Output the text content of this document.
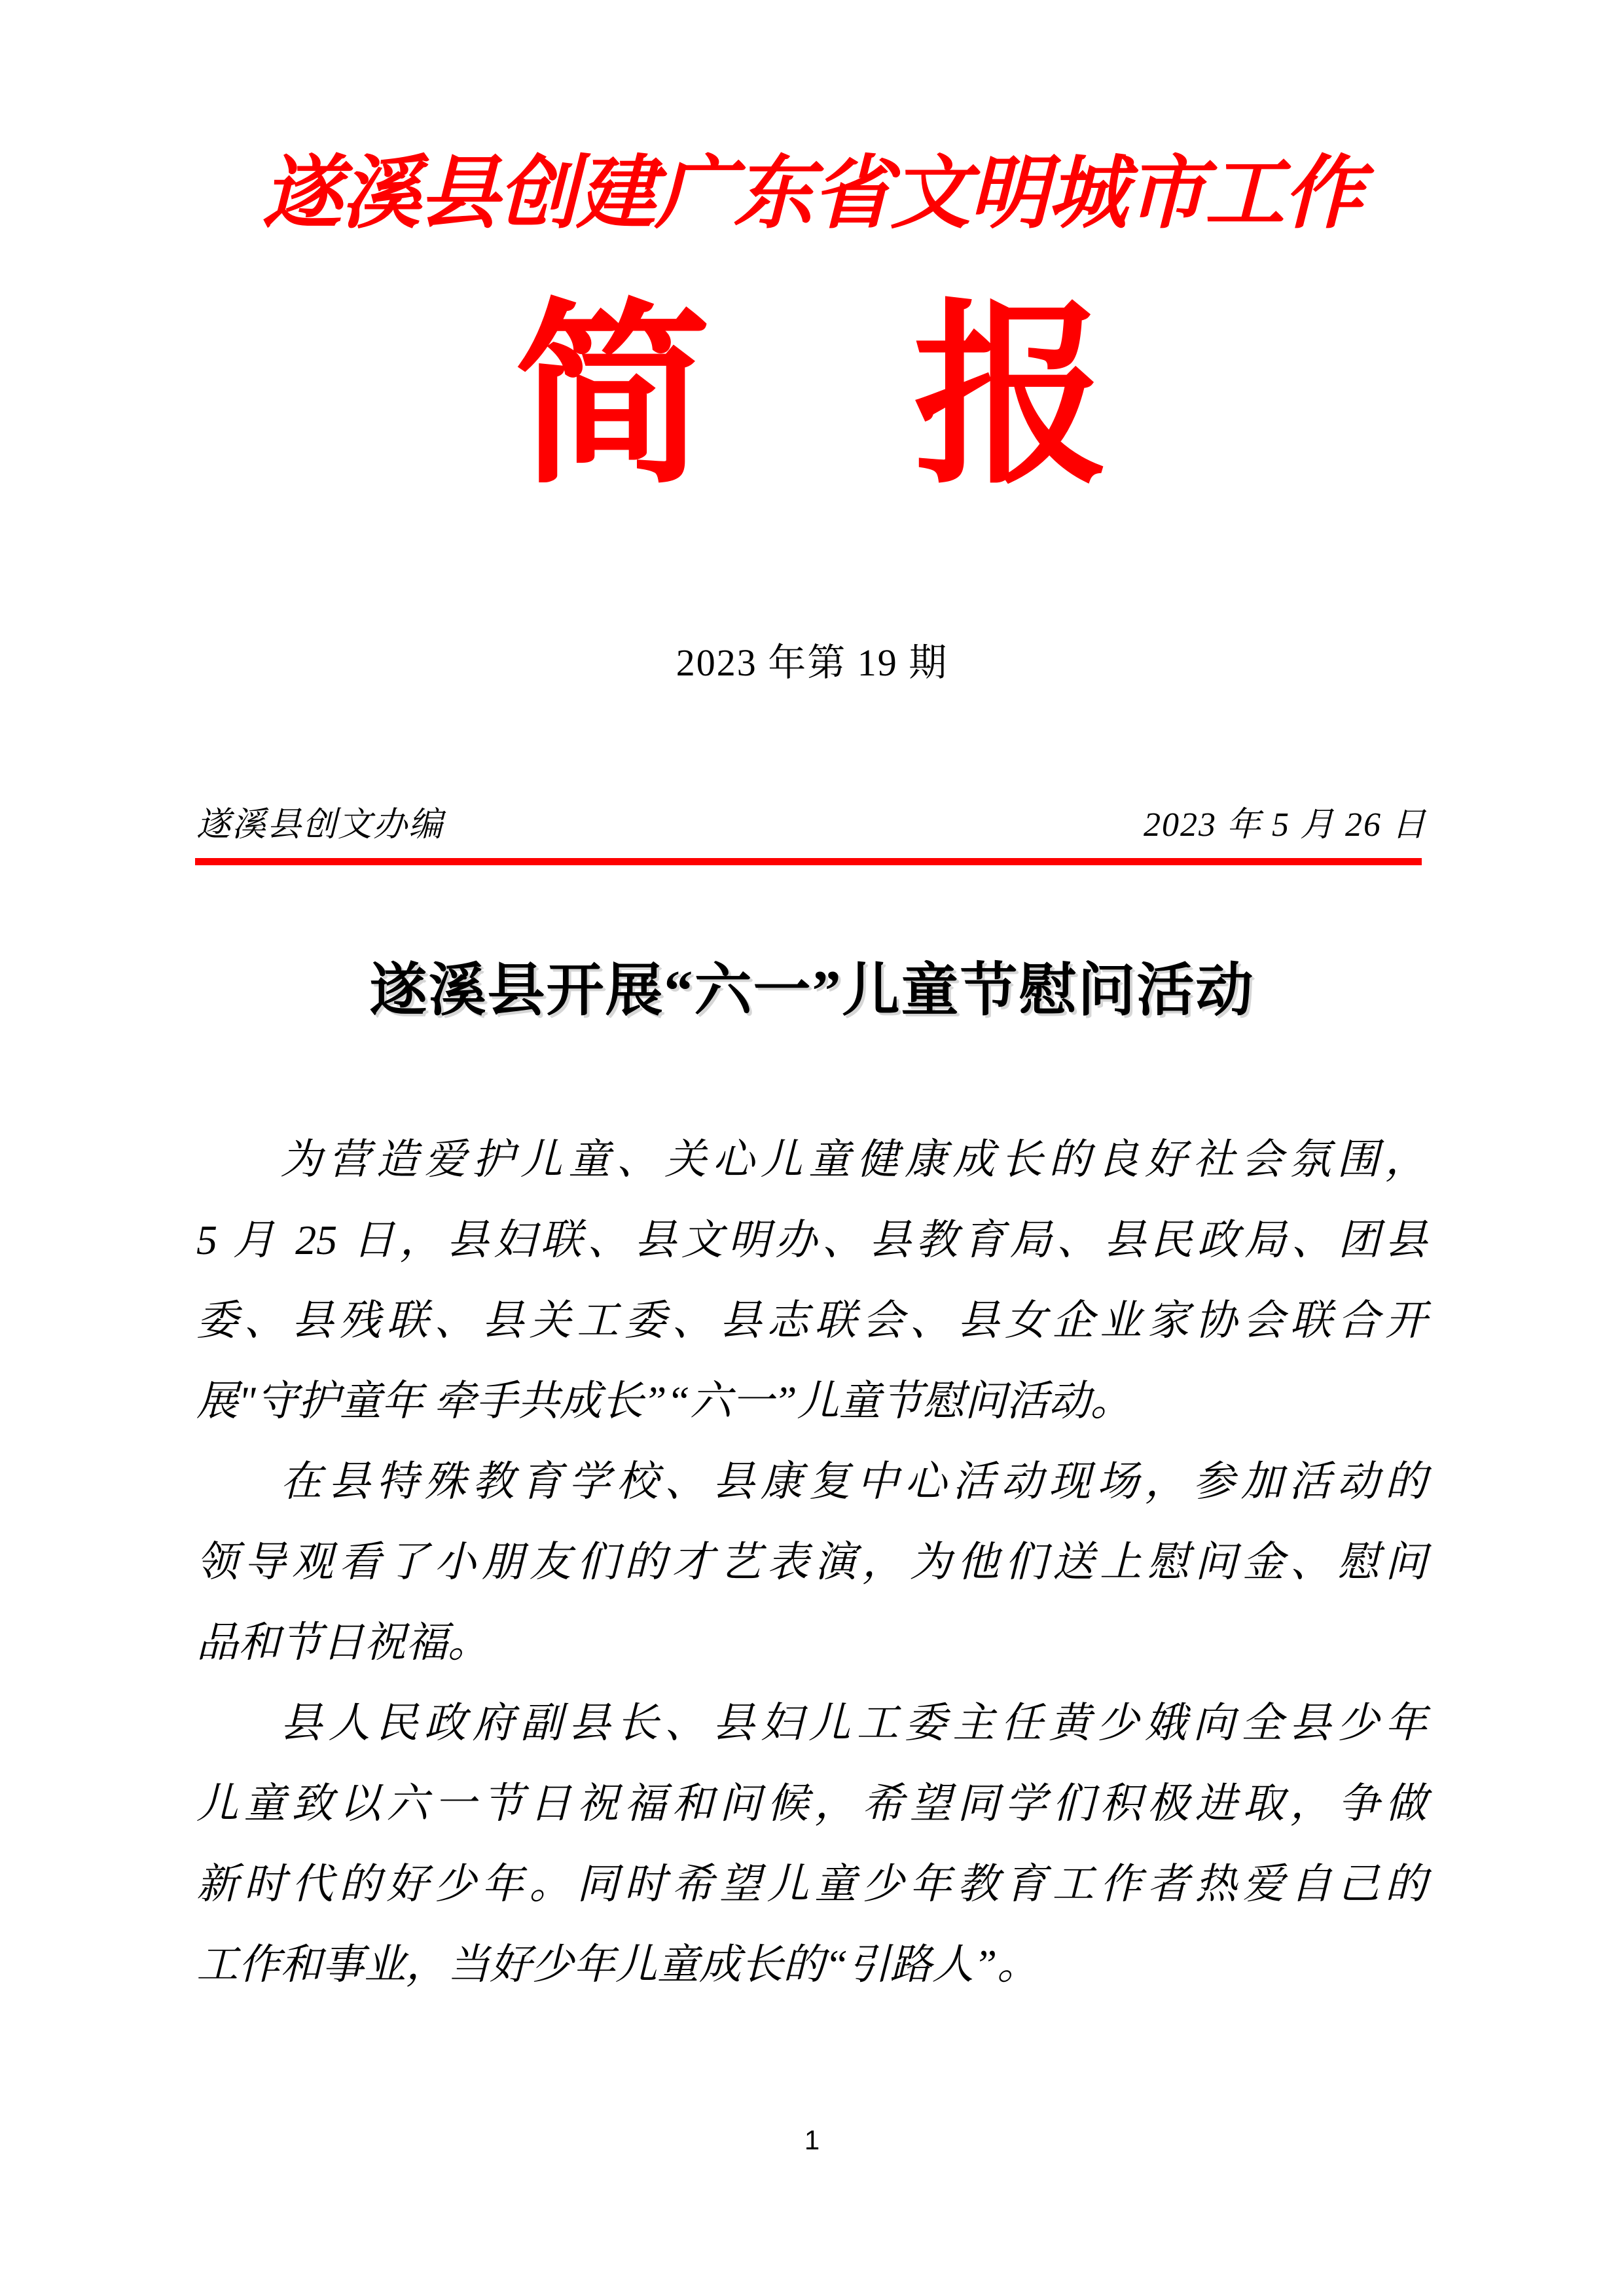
遂溪县创建广东省文明城市工作
简 报
2023 年第 19 期
遂溪县创文办编	2023 年 5 月 26 日
遂溪县开展“六一”儿童节慰问活动
为营造爱护儿童、关心儿童健康成长的良好社会氛围，
5 月 25 日，县妇联、县文明办、县教育局、县民政局、团县
委、县残联、县关工委、县志联会、县女企业家协会联合开
展"守护童年 牵手共成长”“六一”儿童节慰问活动。
在县特殊教育学校、县康复中心活动现场，参加活动的
领导观看了小朋友们的才艺表演，为他们送上慰问金、慰问
品和节日祝福。
县人民政府副县长、县妇儿工委主任黄少娥向全县少年
儿童致以六一节日祝福和问候，希望同学们积极进取，争做
新时代的好少年。同时希望儿童少年教育工作者热爱自己的
工作和事业，当好少年儿童成长的“引路人”。
1
